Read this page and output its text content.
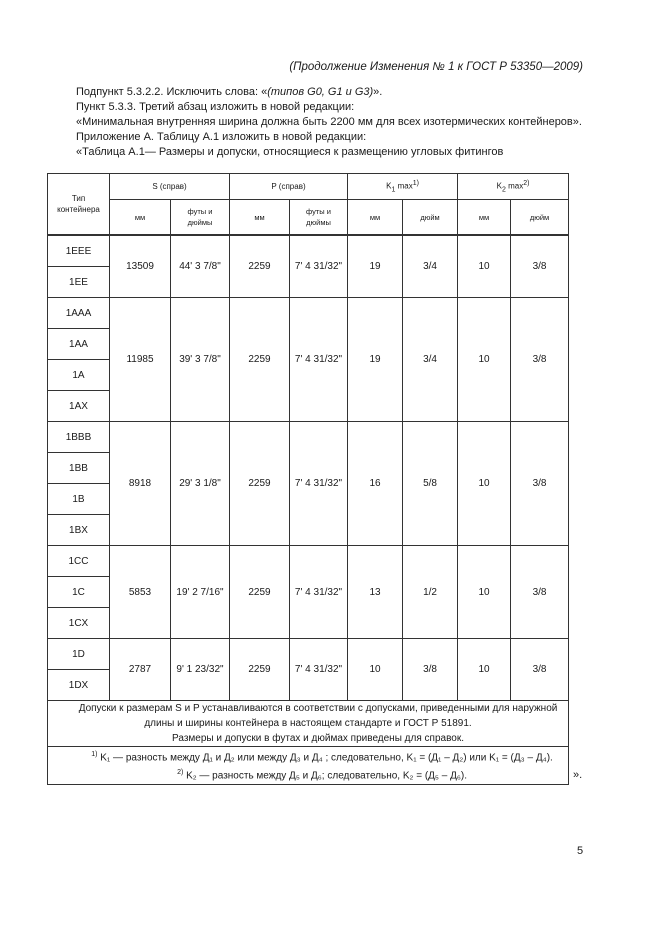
(Продолжение Изменения № 1 к ГОСТ Р 53350—2009)
Подпункт 5.3.2.2. Исключить слова: «(типов G0, G1 и G3)».
Пункт 5.3.3. Третий абзац изложить в новой редакции:
«Минимальная внутренняя ширина должна быть 2200 мм для всех изотермических контейнеров».
Приложение А. Таблицу А.1 изложить в новой редакции:
«Таблица А.1— Размеры и допуски, относящиеся к размещению угловых фитингов
Тип контейнера	S (справ)		P (справ)		$K_1$ $\max^{1)}$		$K_2$ $\max^{2)}$
	мм	футы и дюймы	мм	футы и дюймы	мм	дюйм	мм	дюйм

1EEE	13509	44' 3 7/8"	2259	7' 4 31/32"	19	3/4	10	3/8
1EE								
1AAA	11985	39' 3 7/8"	2259	7' 4 31/32"	19	3/4	10	3/8
1AA								
1A								
1AX								
1BBB	8918	29' 3 1/8"	2259	7' 4 31/32"	16	5/8	10	3/8
1BB								
1B								
1BX								
1CC	5853	19' 2 7/16"	2259	7' 4 31/32"	13	1/2	10	3/8
1C								
1CX								
1D	2787	9' 1 23/32"	2259	7' 4 31/32"	10	3/8	10	3/8
1DX								

Допуски к размерам S и P устанавливаются в соответствии с допусками, приведенными для наружной длины и ширины контейнера в настоящем стандарте и ГОСТ Р 51891.
Размеры и допуски в футах и дюймах приведены для справок.								

$^{1)}$ K₁ — разность между Д₁ и Д₂ или между Д₃ и Д₄ ; следовательно, K₁ = (Д₁ – Д₂) или K₁ = (Д₃ – Д₄).
$^{2)}$ K₂ — разность между Д₅ и Д₆; следовательно, K₂ = (Д₅ – Д₆).									».
5
